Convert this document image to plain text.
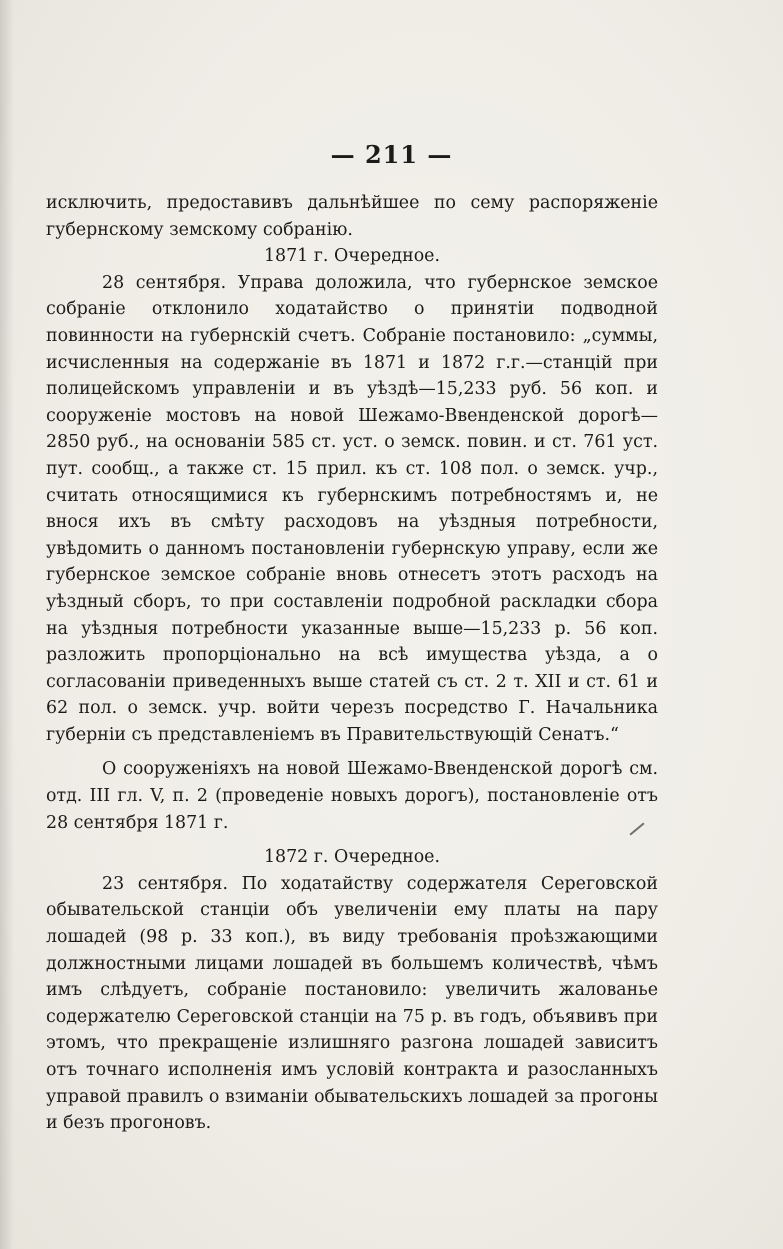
— 211 —

исключить, предоставивъ дальнѣйшее по сему распоряженіе губернскому земскому собранію.

1871 г. Очередное.

28 сентября. Управа доложила, что губернское земское собраніе отклонило ходатайство о принятіи подводной повинности на губернскій счетъ. Собраніе постановило: „суммы, исчисленныя на содержаніе въ 1871 и 1872 г.г.—станцій при полицейскомъ управленіи и въ уѣздѣ—15,233 руб. 56 коп. и сооруженіе мостовъ на новой Шежамо-Ввенденской дорогѣ—2850 руб., на основаніи 585 ст. уст. о земск. повин. и ст. 761 уст. пут. сообщ., а также ст. 15 прил. къ ст. 108 пол. о земск. учр., считать относящимися къ губернскимъ потребностямъ и, не внося ихъ въ смѣту расходовъ на уѣздныя потребности, увѣдомить о данномъ постановленіи губернскую управу, если же губернское земское собраніе вновь отнесетъ этотъ расходъ на уѣздный сборъ, то при составленіи подробной раскладки сбора на уѣздныя потребности указанные выше—15,233 р. 56 коп. разложить пропорціонально на всѣ имущества уѣзда, а о согласованіи приведенныхъ выше статей съ ст. 2 т. XII и ст. 61 и 62 пол. о земск. учр. войти черезъ посредство Г. Начальника губерніи съ представленіемъ въ Правительствующій Сенатъ.“

О сооруженіяхъ на новой Шежамо-Ввенденской дорогѣ см. отд. III гл. V, п. 2 (проведеніе новыхъ дорогъ), постановленіе отъ 28 сентября 1871 г.

1872 г. Очередное.

23 сентября. По ходатайству содержателя Сереговской обывательской станціи объ увеличеніи ему платы на пару лошадей (98 р. 33 коп.), въ виду требованія проѣзжающими должностными лицами лошадей въ большемъ количествѣ, чѣмъ имъ слѣдуетъ, собраніе постановило: увеличить жалованье содержателю Сереговской станціи на 75 р. въ годъ, объявивъ при этомъ, что прекращеніе излишняго разгона лошадей зависитъ отъ точнаго исполненія имъ условій контракта и разосланныхъ управой правилъ о взиманіи обывательскихъ лошадей за прогоны и безъ прогоновъ.
